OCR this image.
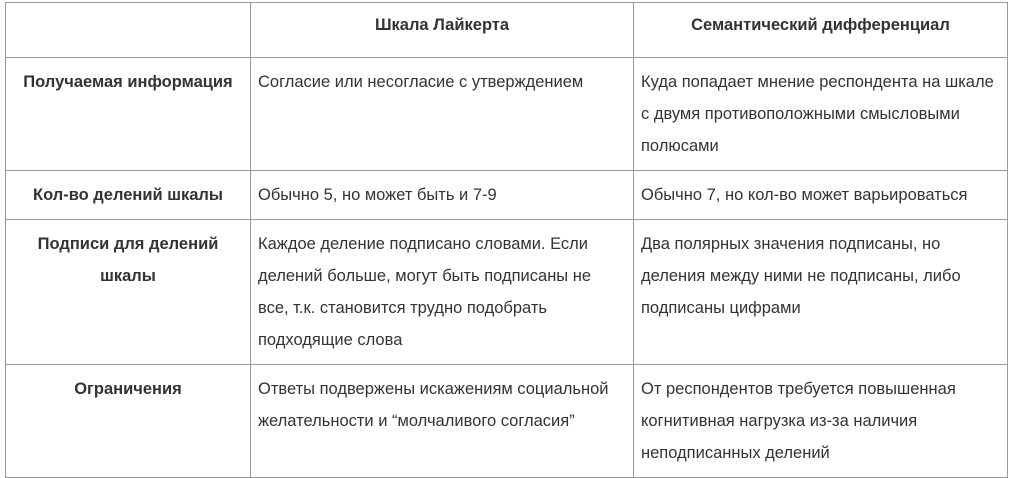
	Шкала Лайкерта	Семантический дифференциал
Получаемая информация	Согласие или несогласие с утверждением	Куда попадает мнение респондента на шкале с двумя противоположными смысловыми полюсами
Кол-во делений шкалы	Обычно 5, но может быть и 7-9	Обычно 7, но кол-во может варьироваться
Подписи для делений шкалы	Каждое деление подписано словами. Если делений больше, могут быть подписаны не все, т.к. становится трудно подобрать подходящие слова	Два полярных значения подписаны, но деления между ними не подписаны, либо подписаны цифрами
Ограничения	Ответы подвержены искажениям социальной желательности и “молчаливого согласия”	От респондентов требуется повышенная когнитивная нагрузка из-за наличия неподписанных делений
